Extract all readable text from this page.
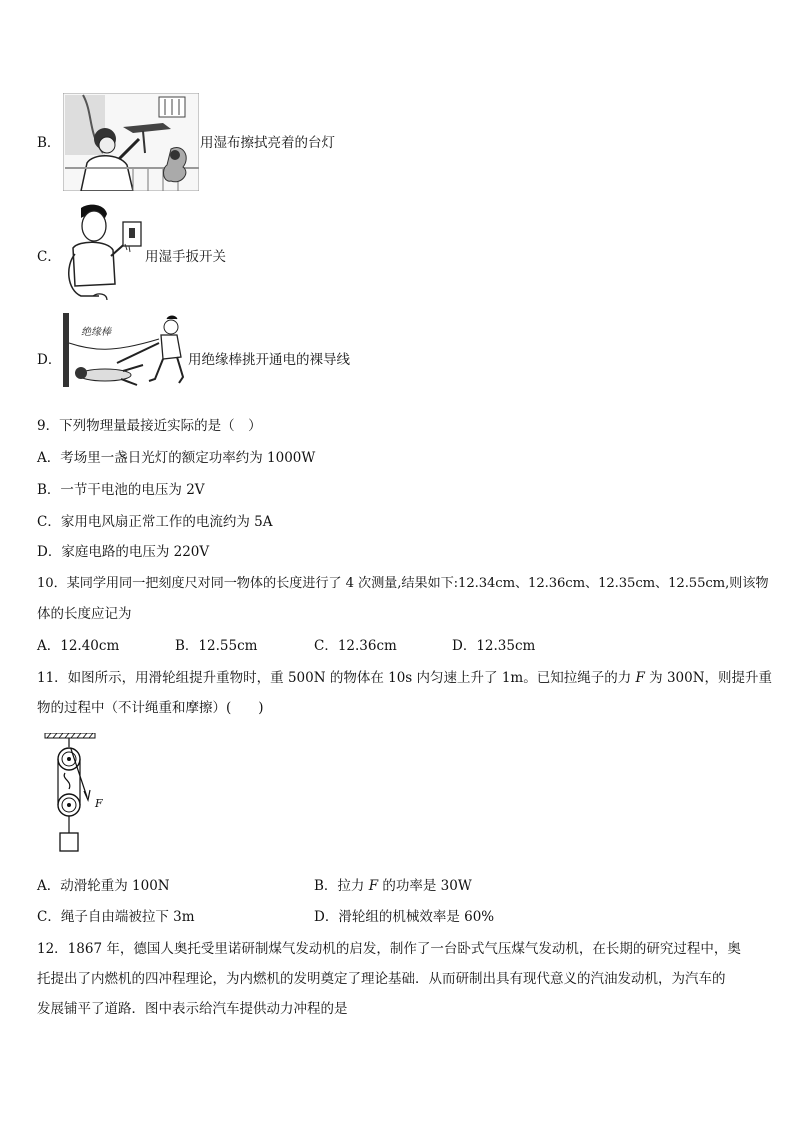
B．	用湿布擦拭亮着的台灯
C．	用湿手扳开关
D．
绝缘棒
用绝缘棒挑开通电的裸导线
9．下列物理量最接近实际的是（　）
A．考场里一盏日光灯的额定功率约为 1000W
B．一节干电池的电压为 2V
C．家用电风扇正常工作的电流约为 5A
D．家庭电路的电压为 220V
10．某同学用同一把刻度尺对同一物体的长度进行了 4 次测量,结果如下:12.34cm、12.36cm、12.35cm、12.55cm,则该物
体的长度应记为
A．12.40cm	B．12.55cm	C．12.36cm	D．12.35cm
11．如图所示，用滑轮组提升重物时，重 500N 的物体在 10s 内匀速上升了 1m。已知拉绳子的力 F 为 300N，则提升重
物的过程中（不计绳重和摩擦）(　　)
F
A．动滑轮重为 100N	B．拉力 F 的功率是 30W
C．绳子自由端被拉下 3m	D．滑轮组的机械效率是 60%
12．1867 年，德国人奥托受里诺研制煤气发动机的启发，制作了一台卧式气压煤气发动机，在长期的研究过程中，奥
托提出了内燃机的四冲程理论，为内燃机的发明奠定了理论基础．从而研制出具有现代意义的汽油发动机，为汽车的
发展铺平了道路．图中表示给汽车提供动力冲程的是
